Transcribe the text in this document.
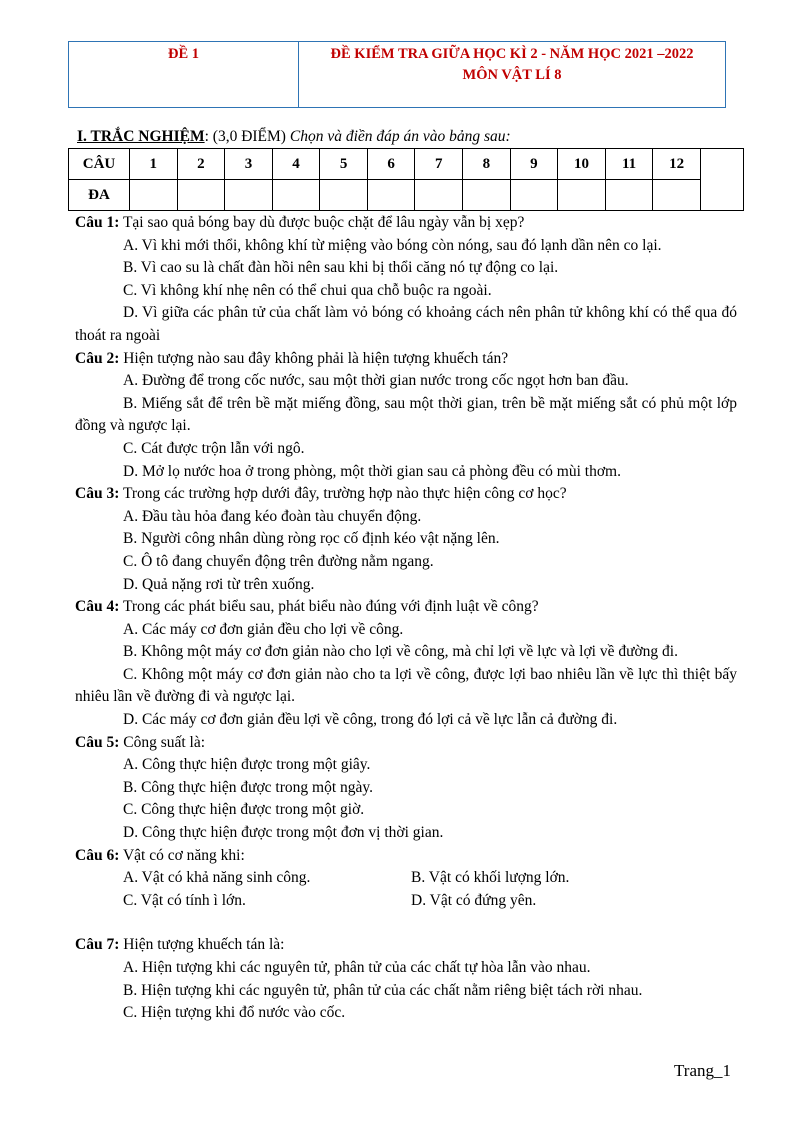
ĐỀ 1	ĐỀ KIỂM TRA GIỮA HỌC KÌ 2 - NĂM HỌC 2021 –2022
MÔN VẬT LÍ 8
I. TRẮC NGHIỆM: (3,0 ĐIỂM) Chọn và điền đáp án vào bảng sau:
CÂU	1	2	3	4	5	6	7	8	9	10	11	12	
ĐA													

Câu 1: Tại sao quả bóng bay dù được buộc chặt để lâu ngày vẫn bị xẹp?

A. Vì khi mới thổi, không khí từ miệng vào bóng còn nóng, sau đó lạnh dần nên co lại.

B. Vì cao su là chất đàn hồi nên sau khi bị thổi căng nó tự động co lại.

C. Vì không khí nhẹ nên có thể chui qua chỗ buộc ra ngoài.

D. Vì giữa các phân tử của chất làm vỏ bóng có khoảng cách nên phân tử không khí có thể qua đó thoát ra ngoài

Câu 2: Hiện tượng nào sau đây không phải là hiện tượng khuếch tán?

A. Đường để trong cốc nước, sau một thời gian nước trong cốc ngọt hơn ban đầu.

B. Miếng sắt để trên bề mặt miếng đồng, sau một thời gian, trên bề mặt miếng sắt có phủ một lớp đồng và ngược lại.

C. Cát được trộn lẫn với ngô.

D. Mở lọ nước hoa ở trong phòng, một thời gian sau cả phòng đều có mùi thơm.

Câu 3: Trong các trường hợp dưới đây, trường hợp nào thực hiện công cơ học?

A. Đầu tàu hỏa đang kéo đoàn tàu chuyển động.

B. Người công nhân dùng ròng rọc cố định kéo vật nặng lên.

C. Ô tô đang chuyển động trên đường nằm ngang.

D. Quả nặng rơi từ trên xuống.

Câu 4: Trong các phát biểu sau, phát biểu nào đúng với định luật về công?

A. Các máy cơ đơn giản đều cho lợi về công.

B. Không một máy cơ đơn giản nào cho lợi về công, mà chỉ lợi về lực và lợi về đường đi.

C. Không một máy cơ đơn giản nào cho ta lợi về công, được lợi bao nhiêu lần về lực thì thiệt bấy nhiêu lần về đường đi và ngược lại.

D. Các máy cơ đơn giản đều lợi về công, trong đó lợi cả về lực lẫn cả đường đi.

Câu 5: Công suất là:

A. Công thực hiện được trong một giây.

B. Công thực hiện được trong một ngày.

C. Công thực hiện được trong một giờ.

D. Công thực hiện được trong một đơn vị thời gian.

Câu 6: Vật có cơ năng khi:

A. Vật có khả năng sinh công.	B. Vật có khối lượng lớn.
C. Vật có tính ì lớn.	D. Vật có đứng yên.

Câu 7: Hiện tượng khuếch tán là:

A. Hiện tượng khi các nguyên tử, phân tử của các chất tự hòa lẫn vào nhau.

B. Hiện tượng khi các nguyên tử, phân tử của các chất nằm riêng biệt tách rời nhau.

C. Hiện tượng khi đổ nước vào cốc.

Trang_1
